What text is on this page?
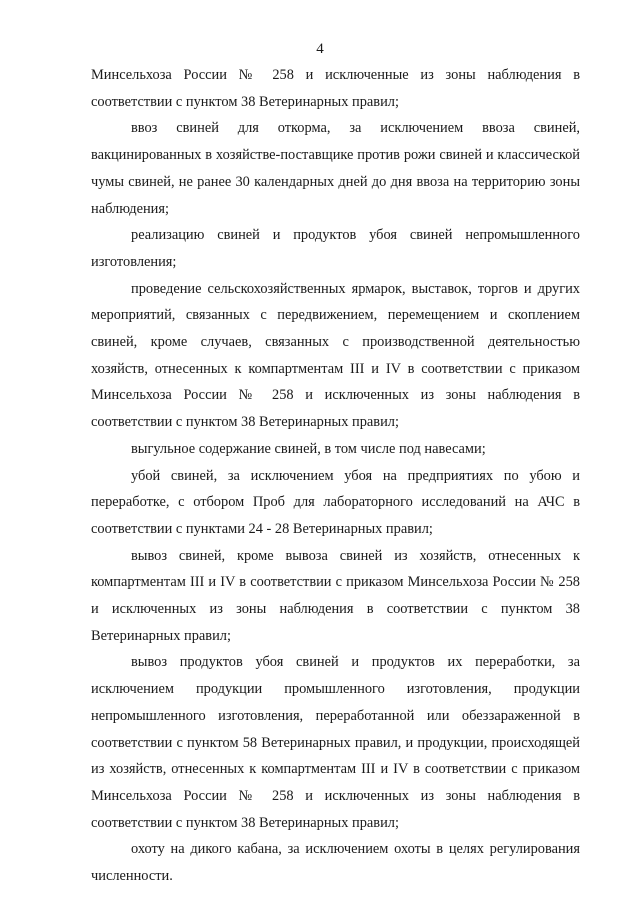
4

Минсельхоза России № 258 и исключенные из зоны наблюдения в соответствии с пунктом 38 Ветеринарных правил;

ввоз свиней для откорма, за исключением ввоза свиней, вакцинированных в хозяйстве-поставщике против рожи свиней и классической чумы свиней, не ранее 30 календарных дней до дня ввоза на территорию зоны наблюдения;

реализацию свиней и продуктов убоя свиней непромышленного изготовления;

проведение сельскохозяйственных ярмарок, выставок, торгов и других мероприятий, связанных с передвижением, перемещением и скоплением свиней, кроме случаев, связанных с производственной деятельностью хозяйств, отнесенных к компартментам III и IV в соответствии с приказом Минсельхоза России № 258 и исключенных из зоны наблюдения в соответствии с пунктом 38 Ветеринарных правил;

выгульное содержание свиней, в том числе под навесами;

убой свиней, за исключением убоя на предприятиях по убою и переработке, с отбором Проб для лабораторного исследований на АЧС в соответствии с пунктами 24 - 28 Ветеринарных правил;

вывоз свиней, кроме вывоза свиней из хозяйств, отнесенных к компартментам III и IV в соответствии с приказом Минсельхоза России № 258 и исключенных из зоны наблюдения в соответствии с пунктом 38 Ветеринарных правил;

вывоз продуктов убоя свиней и продуктов их переработки, за исключением продукции промышленного изготовления, продукции непромышленного изготовления, переработанной или обеззараженной в соответствии с пунктом 58 Ветеринарных правил, и продукции, происходящей из хозяйств, отнесенных к компартментам III и IV в соответствии с приказом Минсельхоза России № 258 и исключенных из зоны наблюдения в соответствии с пунктом 38 Ветеринарных правил;

охоту на дикого кабана, за исключением охоты в целях регулирования численности.
